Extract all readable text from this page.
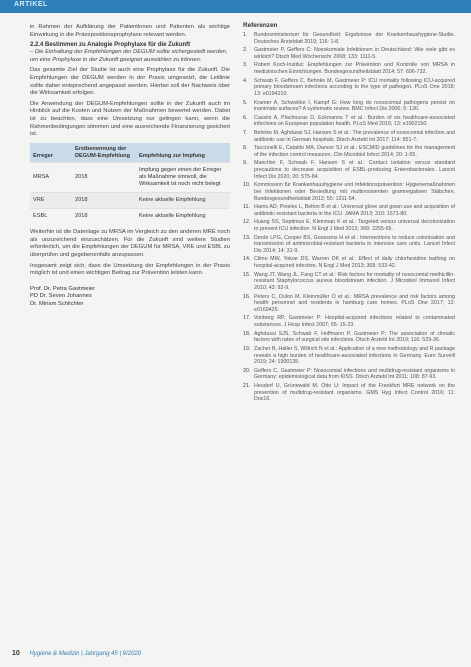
ARTIKEL

in Rahmen der Aufklärung der Patientinnen und Patienten als wichtige Einwirkung in die Präexpositionsprophylaxe relevant werden.

2.2.4 Bestimmen zu Analogie Prophylaxe für die Zukunft

– Die Einhaltung der Empfehlungen der DEGUM sollte sichergestellt werden, um eine Prophylaxe in der Zukunft geeignet auswählen zu können.

Das gesamte Ziel der Studie ist auch eine Prophylaxe für die Zukunft. Die Empfehlungen der DEGUM werden in der Praxis umgesetzt, die Leitlinie sollte daher entsprechend angepasst werden. Hierbei soll der Nachweis über die Wirksamkeit erfolgen.

Die Anwendung der DEGUM-Empfehlungen sollte in der Zukunft auch im Hinblick auf die Kosten und Nutzen der Maßnahmen bewertet werden. Dabei ist zu beachten, dass eine Umsetzung nur gelingen kann, wenn die Rahmenbedingungen stimmen und eine ausreichende Finanzierung gesichert ist.

Erreger	Erstbenennung der DEGUM-Empfehlung	Empfehlung zur Impfung
MRSA	2018	Impfung gegen einen der Erreger als Maßnahme sinnvoll, die Wirksamkeit ist noch nicht belegt
VRE	2018	Keine aktuelle Empfehlung
ESBL	2018	Keine aktuelle Empfehlung

Weiterhin ist die Datenlage zu MRSA im Vergleich zu den anderen MRE noch als unzureichend einzuschätzen. Für die Zukunft sind weitere Studien erforderlich, um die Empfehlungen der DEGUM für MRSA, VRE und ESBL zu überprüfen und gegebenenfalls anzupassen.

Insgesamt zeigt sich, dass die Umsetzung der Empfehlungen in der Praxis möglich ist und einen wichtigen Beitrag zur Prävention leisten kann.

Prof. Dr. Petra Gastmeier
PD Dr. Seven Johannes
Dr. Miriam Schlichter
Referenzen
1.	Bundesministerium für Gesundheit: Ergebnisse der Krankenhaushygiene-Studie. Deutsches Ärzteblatt 2019; 116: 1-8.
2.	Gastmeier P, Geffers C: Nosokomiale Infektionen in Deutschland: Wie viele gibt es wirklich? Dtsch Med Wochenschr 2008; 133: 1111-5.
3.	Robert Koch-Institut: Empfehlungen zur Prävention und Kontrolle von MRSA in medizinischen Einrichtungen. Bundesgesundheitsblatt 2014; 57: 696-732.
4.	Schwab F, Geffers C, Behnke M, Gastmeier P: ICU mortality following ICU-acquired primary bloodstream infections according to the type of pathogen. PLoS One 2018; 13: e0194210.
5.	Kramer A, Schwebke I, Kampf G: How long do nosocomial pathogens persist on inanimate surfaces? A systematic review. BMC Infect Dis 2006; 6: 130.
6.	Cassini A, Plachouras D, Eckmanns T et al.: Burden of six healthcare-associated infections on European population health. PLoS Med 2016; 13: e1002150.
7.	Behnke M, Aghdassi SJ, Hansen S et al.: The prevalence of nosocomial infection and antibiotic use in German hospitals. Dtsch Arztebl Int 2017; 114: 851-7.
8.	Tacconelli E, Cataldo MA, Dancer SJ et al.: ESCMID guidelines for the management of the infection control measures. Clin Microbiol Infect 2014; 20: 1-55.
9.	Maechler F, Schwab F, Hansen S et al.: Contact isolation versus standard precautions to decrease acquisition of ESBL-producing Enterobacterales. Lancet Infect Dis 2020; 20: 575-84.
10. Kommission für Krankenhaushygiene und Infektionsprävention: Hygienemaßnahmen bei Infektionen oder Besiedlung mit multiresistenten gramnegativen Stäbchen. Bundesgesundheitsblatt 2012; 55: 1311-54.
11. Harris AD, Pineles L, Belton B et al.: Universal glove and gown use and acquisition of antibiotic-resistant bacteria in the ICU. JAMA 2013; 310: 1571-80.
12. Huang SS, Septimus E, Kleinman K et al.: Targeted versus universal decolonization to prevent ICU infection. N Engl J Med 2013; 368: 2255-65.
13. Derde LPG, Cooper BS, Goossens H et al.: Interventions to reduce colonisation and transmission of antimicrobial-resistant bacteria in intensive care units. Lancet Infect Dis 2014; 14: 31-9.
14. Climo MW, Yokoe DS, Warren DK et al.: Effect of daily chlorhexidine bathing on hospital-acquired infection. N Engl J Med 2013; 368: 533-42.
15. Wang JT, Wang JL, Fang CT et al.: Risk factors for mortality of nosocomial methicillin-resistant Staphylococcus aureus bloodstream infection. J Microbiol Immunol Infect 2010; 43: 92-9.
16. Peters C, Dulon M, Kleinmüller O et al.: MRSA prevalence and risk factors among health personnel and residents in hamburg care homes. PLoS One 2017; 12: e0169425.
17. Vonberg RP, Gastmeier P: Hospital-acquired infections related to contaminated substances. J Hosp Infect 2007; 65: 15-23.
18. Aghdassi SJS, Schwab F, Hoffmann P, Gastmeier P: The association of climatic factors with rates of surgical site infections. Dtsch Arztebl Int 2019; 116: 529-36.
19. Zacher B, Haller S, Willrich N et al.: Application of a new methodology and R package reveals a high burden of healthcare-associated infections in Germany. Euro Surveill 2019; 24: 1900135.
20. Geffers C, Gastmeier P: Nosocomial infections and multidrug-resistant organisms in Germany: epidemiological data from KISS. Dtsch Arztebl Int 2011; 108: 87-93.
21. Heudorf U, Grünewald M, Otto U: Impact of the Frankfurt MRE network on the prevention of multidrug-resistant organisms. GMS Hyg Infect Control 2016; 11: Doc16.
10 Hygiene & Medizin | Jahrgang 45 | 9/2020
